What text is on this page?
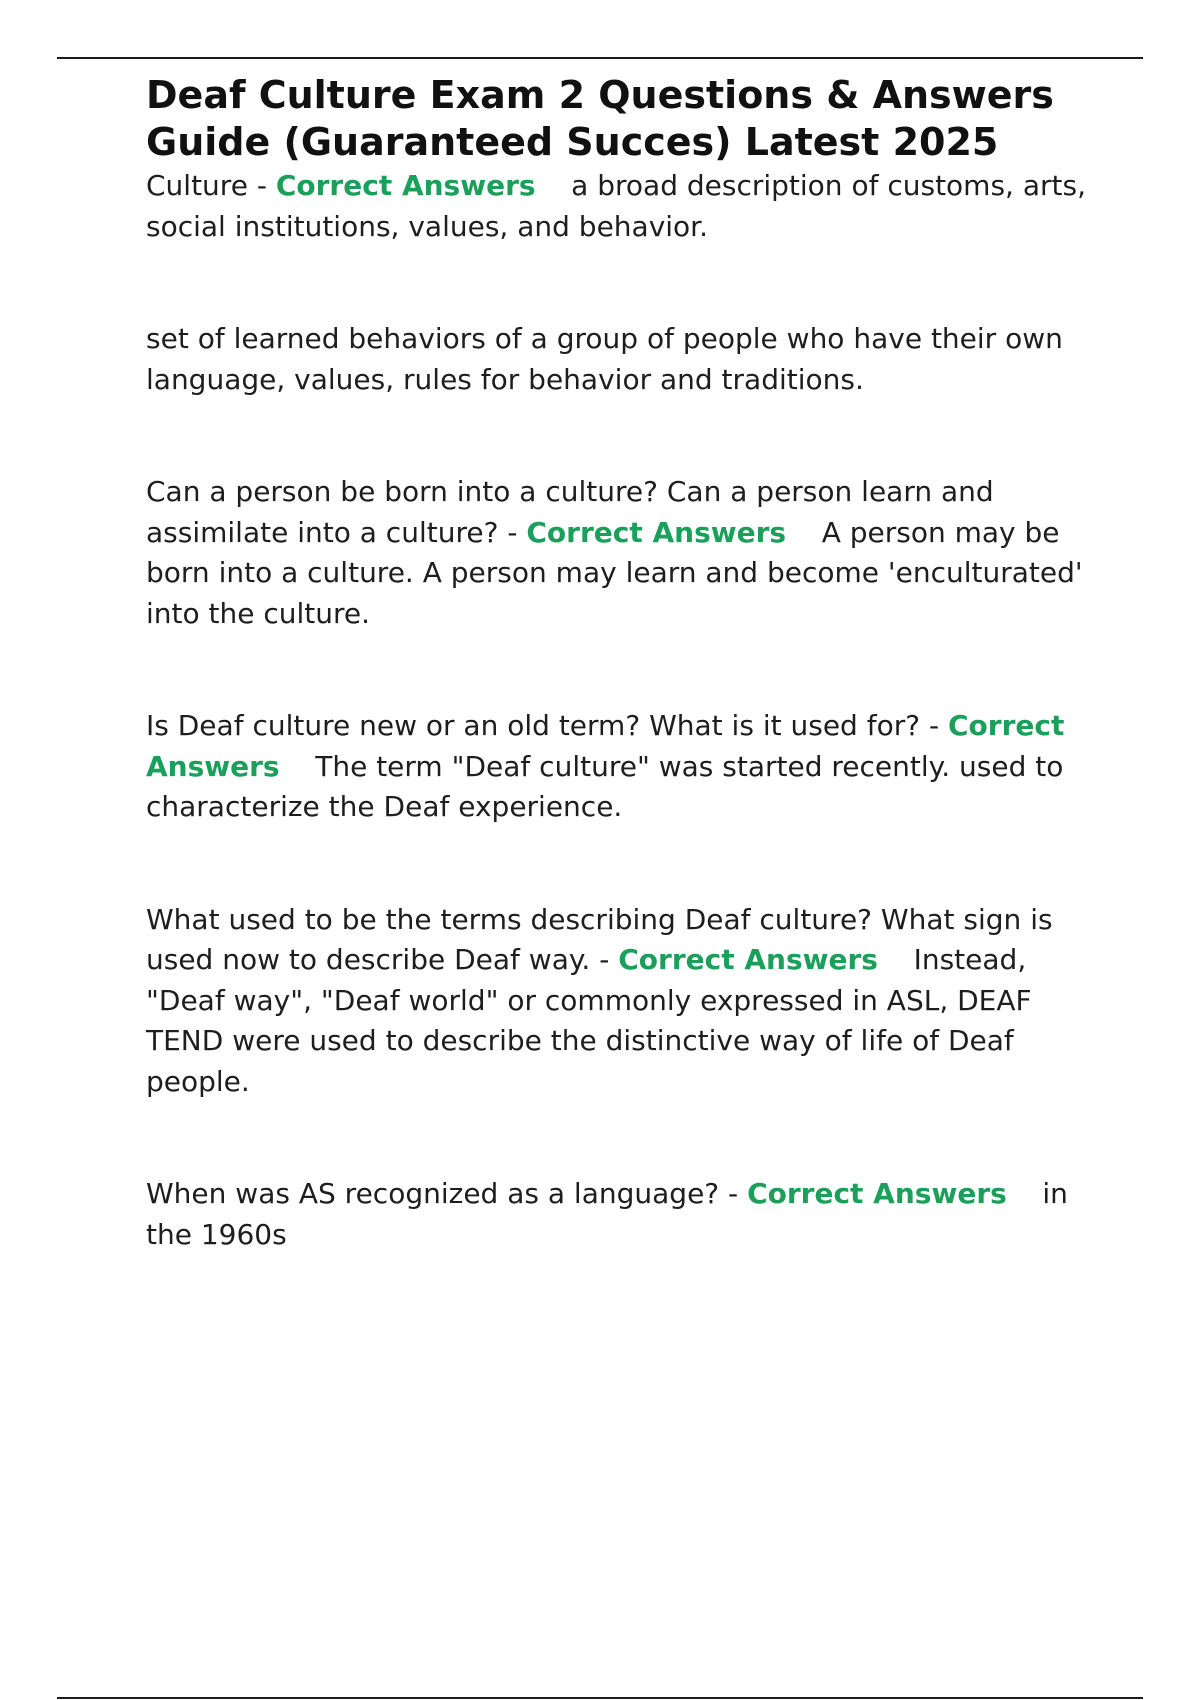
Deaf Culture Exam 2 Questions & Answers Guide (Guaranteed Succes) Latest 2025

Culture - Correct Answers a broad description of customs, arts, social institutions, values, and behavior.

set of learned behaviors of a group of people who have their own language, values, rules for behavior and traditions.

Can a person be born into a culture? Can a person learn and assimilate into a culture? - Correct Answers A person may be born into a culture. A person may learn and become 'enculturated' into the culture.

Is Deaf culture new or an old term? What is it used for? - Correct Answers The term "Deaf culture" was started recently. used to characterize the Deaf experience.

What used to be the terms describing Deaf culture? What sign is used now to describe Deaf way. - Correct Answers Instead, "Deaf way", "Deaf world" or commonly expressed in ASL, DEAF TEND were used to describe the distinctive way of life of Deaf people.

When was AS recognized as a language? - Correct Answers in the 1960s
